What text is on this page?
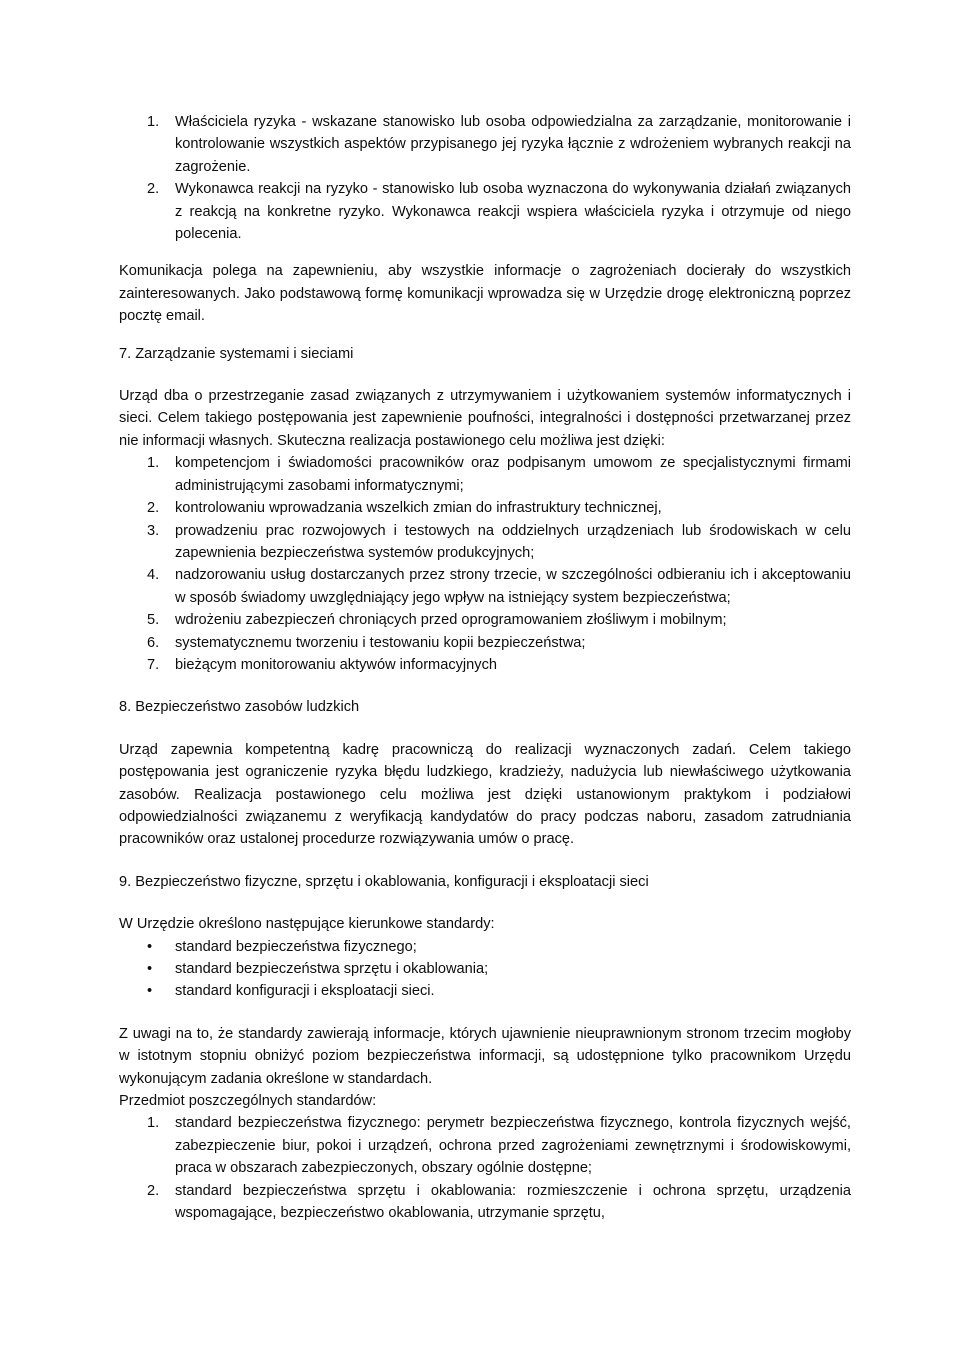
1. Właściciela ryzyka - wskazane stanowisko lub osoba odpowiedzialna za zarządzanie, monitorowanie i kontrolowanie wszystkich aspektów przypisanego jej ryzyka łącznie z wdrożeniem wybranych reakcji na zagrożenie.
2. Wykonawca reakcji na ryzyko - stanowisko lub osoba wyznaczona do wykonywania działań związanych z reakcją na konkretne ryzyko. Wykonawca reakcji wspiera właściciela ryzyka i otrzymuje od niego polecenia.

Komunikacja polega na zapewnieniu, aby wszystkie informacje o zagrożeniach docierały do wszystkich zainteresowanych. Jako podstawową formę komunikacji wprowadza się w Urzędzie drogę elektroniczną poprzez pocztę email.

7. Zarządzanie systemami i sieciami

Urząd dba o przestrzeganie zasad związanych z utrzymywaniem i użytkowaniem systemów informatycznych i sieci. Celem takiego postępowania jest zapewnienie poufności, integralności i dostępności przetwarzanej przez nie informacji własnych. Skuteczna realizacja postawionego celu możliwa jest dzięki:

1. kompetencjom i świadomości pracowników oraz podpisanym umowom ze specjalistycznymi firmami administrującymi zasobami informatycznymi;
2. kontrolowaniu wprowadzania wszelkich zmian do infrastruktury technicznej,
3. prowadzeniu prac rozwojowych i testowych na oddzielnych urządzeniach lub środowiskach w celu zapewnienia bezpieczeństwa systemów produkcyjnych;
4. nadzorowaniu usług dostarczanych przez strony trzecie, w szczególności odbieraniu ich i akceptowaniu w sposób świadomy uwzględniający jego wpływ na istniejący system bezpieczeństwa;
5. wdrożeniu zabezpieczeń chroniących przed oprogramowaniem złośliwym i mobilnym;
6. systematycznemu tworzeniu i testowaniu kopii bezpieczeństwa;
7. bieżącym monitorowaniu aktywów informacyjnych
8. Bezpieczeństwo zasobów ludzkich

Urząd zapewnia kompetentną kadrę pracowniczą do realizacji wyznaczonych zadań. Celem takiego postępowania jest ograniczenie ryzyka błędu ludzkiego, kradzieży, nadużycia lub niewłaściwego użytkowania zasobów. Realizacja postawionego celu możliwa jest dzięki ustanowionym praktykom i podziałowi odpowiedzialności związanemu z weryfikacją kandydatów do pracy podczas naboru, zasadom zatrudniania pracowników oraz ustalonej procedurze rozwiązywania umów o pracę.

9. Bezpieczeństwo fizyczne, sprzętu i okablowania, konfiguracji i eksploatacji sieci

W Urzędzie określono następujące kierunkowe standardy:

• standard bezpieczeństwa fizycznego;
• standard bezpieczeństwa sprzętu i okablowania;
• standard konfiguracji i eksploatacji sieci.

Z uwagi na to, że standardy zawierają informacje, których ujawnienie nieuprawnionym stronom trzecim mogłoby w istotnym stopniu obniżyć poziom bezpieczeństwa informacji, są udostępnione tylko pracownikom Urzędu wykonującym zadania określone w standardach.

Przedmiot poszczególnych standardów:

1. standard bezpieczeństwa fizycznego: perymetr bezpieczeństwa fizycznego, kontrola fizycznych wejść, zabezpieczenie biur, pokoi i urządzeń, ochrona przed zagrożeniami zewnętrznymi i środowiskowymi, praca w obszarach zabezpieczonych, obszary ogólnie dostępne;
2. standard bezpieczeństwa sprzętu i okablowania: rozmieszczenie i ochrona sprzętu, urządzenia wspomagające, bezpieczeństwo okablowania, utrzymanie sprzętu,
